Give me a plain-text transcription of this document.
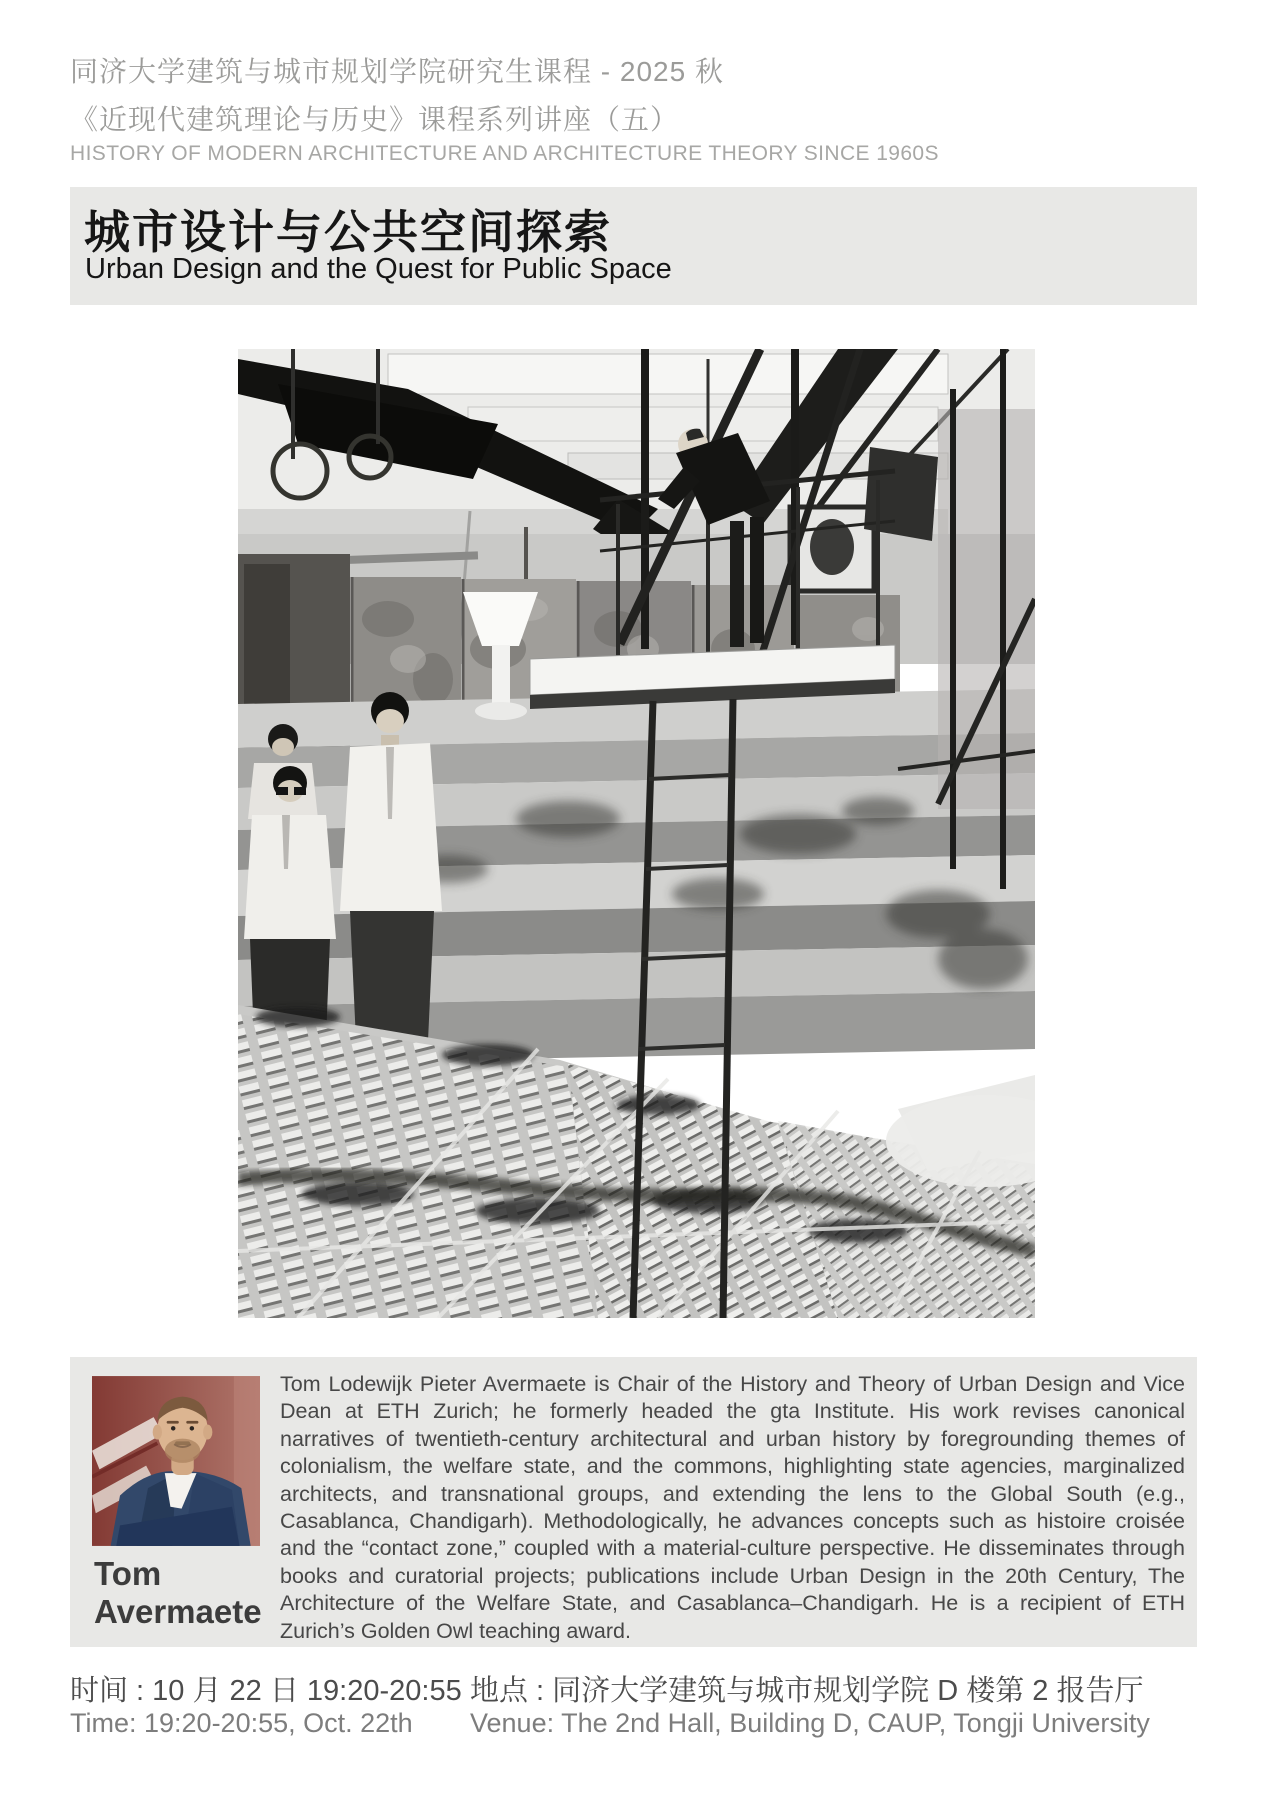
同济大学建筑与城市规划学院研究生课程 - 2025 秋
《近现代建筑理论与历史》课程系列讲座（五）
HISTORY OF MODERN ARCHITECTURE AND ARCHITECTURE THEORY SINCE 1960S
城市设计与公共空间探索
Urban Design and the Quest for Public Space
Tom
Avermaete
Tom Lodewijk Pieter Avermaete is Chair of the History and Theory of Urban Design and Vice Dean at ETH Zurich; he formerly headed the gta Institute. His work revises canonical narratives of twentieth-century architectural and urban history by foregrounding themes of colonialism, the welfare state, and the commons, highlighting state agencies, marginalized architects, and transnational groups, and extending the lens to the Global South (e.g., Casablanca, Chandigarh). Methodologically, he advances concepts such as histoire croisée and the “contact zone,” coupled with a material-culture perspective. He disseminates through books and curatorial projects; publications include Urban Design in the 20th Century, The Architecture of the Welfare State, and Casablanca–Chandigarh. He is a recipient of ETH Zurich’s Golden Owl teaching award.
时间 : 10 月 22 日 19:20-20:55
Time: 19:20-20:55, Oct. 22th
地点 : 同济大学建筑与城市规划学院 D 楼第 2 报告厅
Venue: The 2nd Hall, Building D, CAUP, Tongji University
